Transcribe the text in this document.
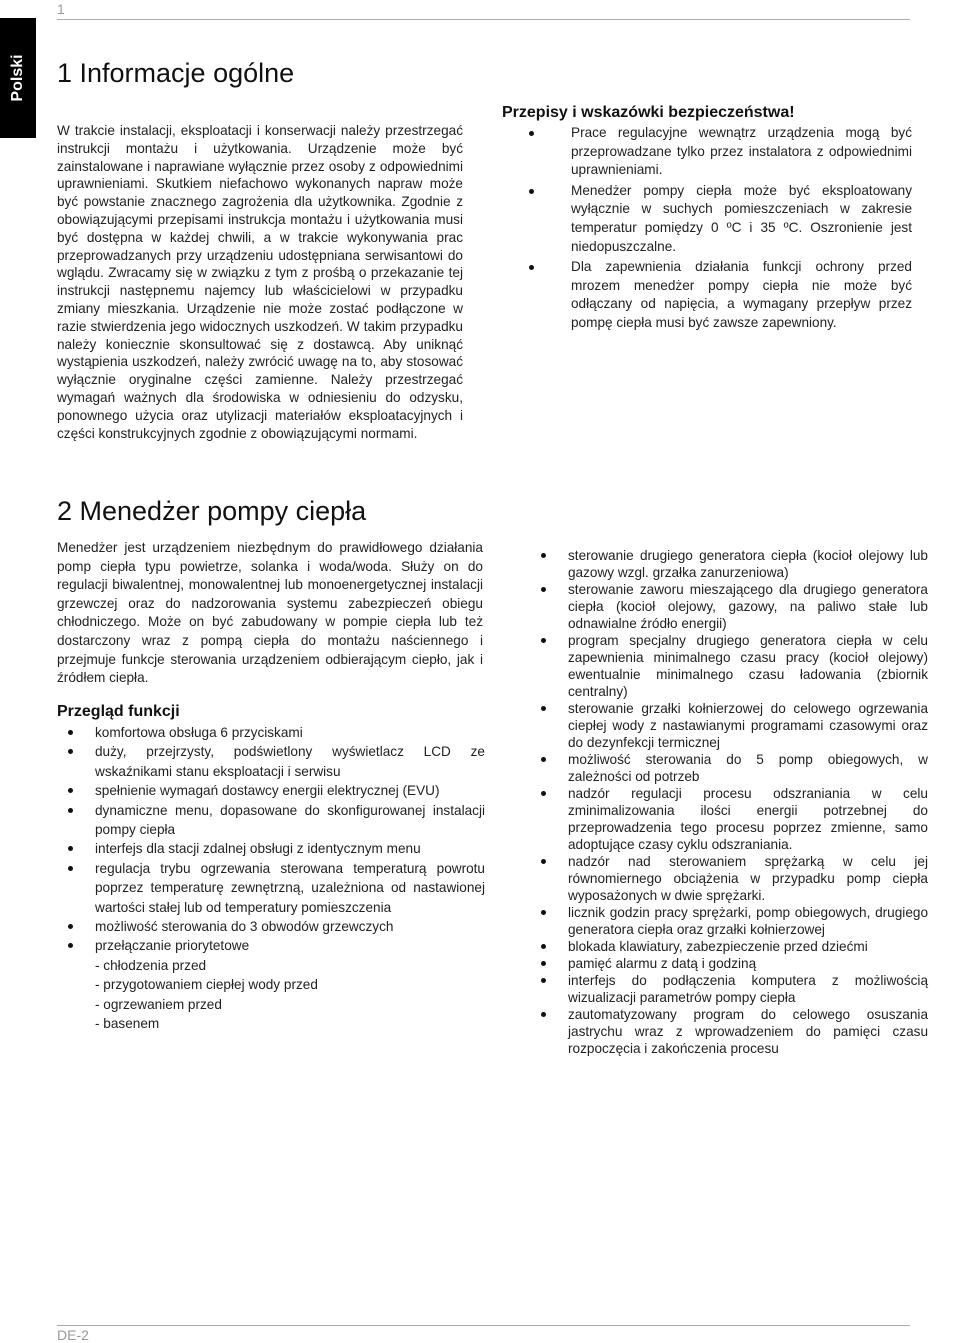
1
Polski 1 Informacje ogólne

W trakcie instalacji, eksploatacji i konserwacji należy przestrzegać instrukcji montażu i użytkowania. Urządzenie może być zainstalowane i naprawiane wyłącznie przez osoby z odpowiednimi uprawnieniami. Skutkiem niefachowo wykonanych napraw może być powstanie znacznego zagrożenia dla użytkownika. Zgodnie z obowiązującymi przepisami instrukcja montażu i użytkowania musi być dostępna w każdej chwili, a w trakcie wykonywania prac przeprowadzanych przy urządzeniu udostępniana serwisantowi do wglądu. Zwracamy się w związku z tym z prośbą o przekazanie tej instrukcji następnemu najemcy lub właścicielowi w przypadku zmiany mieszkania. Urządzenie nie może zostać podłączone w razie stwierdzenia jego widocznych uszkodzeń. W takim przypadku należy koniecznie skonsultować się z dostawcą. Aby uniknąć wystąpienia uszkodzeń, należy zwrócić uwagę na to, aby stosować wyłącznie oryginalne części zamienne. Należy przestrzegać wymagań ważnych dla środowiska w odniesieniu do odzysku, ponownego użycia oraz utylizacji materiałów eksploatacyjnych i części konstrukcyjnych zgodnie z obowiązującymi normami.

Przepisy i wskazówki bezpieczeństwa!
Prace regulacyjne wewnątrz urządzenia mogą być przeprowadzane tylko przez instalatora z odpowiednimi uprawnieniami.
Menedżer pompy ciepła może być eksploatowany wyłącznie w suchych pomieszczeniach w zakresie temperatur pomiędzy 0 ºC i 35 ºC. Oszronienie jest niedopuszczalne.
Dla zapewnienia działania funkcji ochrony przed mrozem menedżer pompy ciepła nie może być odłączany od napięcia, a wymagany przepływ przez pompę ciepła musi być zawsze zapewniony.
2 Menedżer pompy ciepła

Menedżer jest urządzeniem niezbędnym do prawidłowego działania pomp ciepła typu powietrze, solanka i woda/woda. Służy on do regulacji biwalentnej, monowalentnej lub monoenergetycznej instalacji grzewczej oraz do nadzorowania systemu zabezpieczeń obiegu chłodniczego. Może on być zabudowany w pompie ciepła lub też dostarczony wraz z pompą ciepła do montażu naściennego i przejmuje funkcje sterowania urządzeniem odbierającym ciepło, jak i źródłem ciepła.

Przegląd funkcji
komfortowa obsługa 6 przyciskami
duży, przejrzysty, podświetlony wyświetlacz LCD ze wskaźnikami stanu eksploatacji i serwisu
spełnienie wymagań dostawcy energii elektrycznej (EVU)
dynamiczne menu, dopasowane do skonfigurowanej instalacji pompy ciepła
interfejs dla stacji zdalnej obsługi z identycznym menu
regulacja trybu ogrzewania sterowana temperaturą powrotu poprzez temperaturę zewnętrzną, uzależniona od nastawionej wartości stałej lub od temperatury pomieszczenia
możliwość sterowania do 3 obwodów grzewczych
przełączanie priorytetowe
- chłodzenia przed
- przygotowaniem ciepłej wody przed
- ogrzewaniem przed
- basenem
sterowanie drugiego generatora ciepła (kocioł olejowy lub gazowy wzgl. grzałka zanurzeniowa)
sterowanie zaworu mieszającego dla drugiego generatora ciepła (kocioł olejowy, gazowy, na paliwo stałe lub odnawialne źródło energii)
program specjalny drugiego generatora ciepła w celu zapewnienia minimalnego czasu pracy (kocioł olejowy) ewentualnie minimalnego czasu ładowania (zbiornik centralny)
sterowanie grzałki kołnierzowej do celowego ogrzewania ciepłej wody z nastawianymi programami czasowymi oraz do dezynfekcji termicznej
możliwość sterowania do 5 pomp obiegowych, w zależności od potrzeb
nadzór regulacji procesu odszraniania w celu zminimalizowania ilości energii potrzebnej do przeprowadzenia tego procesu poprzez zmienne, samo adoptujące czasy cyklu odszraniania.
nadzór nad sterowaniem sprężarką w celu jej równomiernego obciążenia w przypadku pomp ciepła wyposażonych w dwie sprężarki.
licznik godzin pracy sprężarki, pomp obiegowych, drugiego generatora ciepła oraz grzałki kołnierzowej
blokada klawiatury, zabezpieczenie przed dziećmi
pamięć alarmu z datą i godziną
interfejs do podłączenia komputera z możliwością wizualizacji parametrów pompy ciepła
zautomatyzowany program do celowego osuszania jastrychu wraz z wprowadzeniem do pamięci czasu rozpoczęcia i zakończenia procesu
DE-2
